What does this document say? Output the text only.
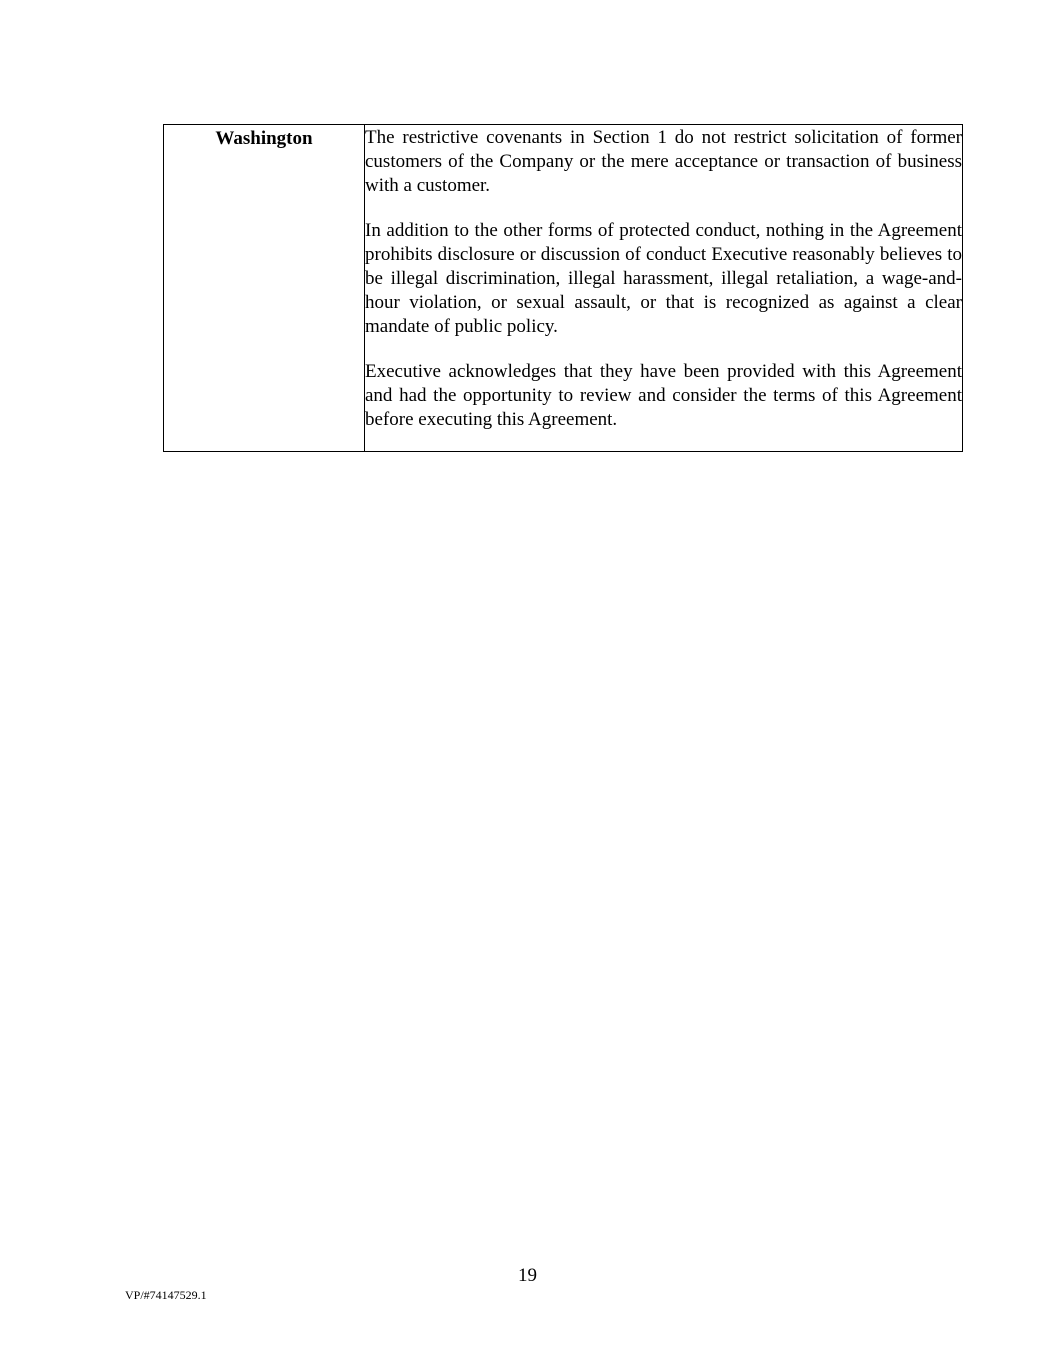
Washington	The restrictive covenants in Section 1 do not restrict solicitation of former customers of the Company or the mere acceptance or transaction of business with a customer.

In addition to the other forms of protected conduct, nothing in the Agreement prohibits disclosure or discussion of conduct Executive reasonably believes to be illegal discrimination, illegal harassment, illegal retaliation, a wage-and-hour violation, or sexual assault, or that is recognized as against a clear mandate of public policy.

Executive acknowledges that they have been provided with this Agreement and had the opportunity to review and consider the terms of this Agreement before executing this Agreement.

19
VP/#74147529.1
